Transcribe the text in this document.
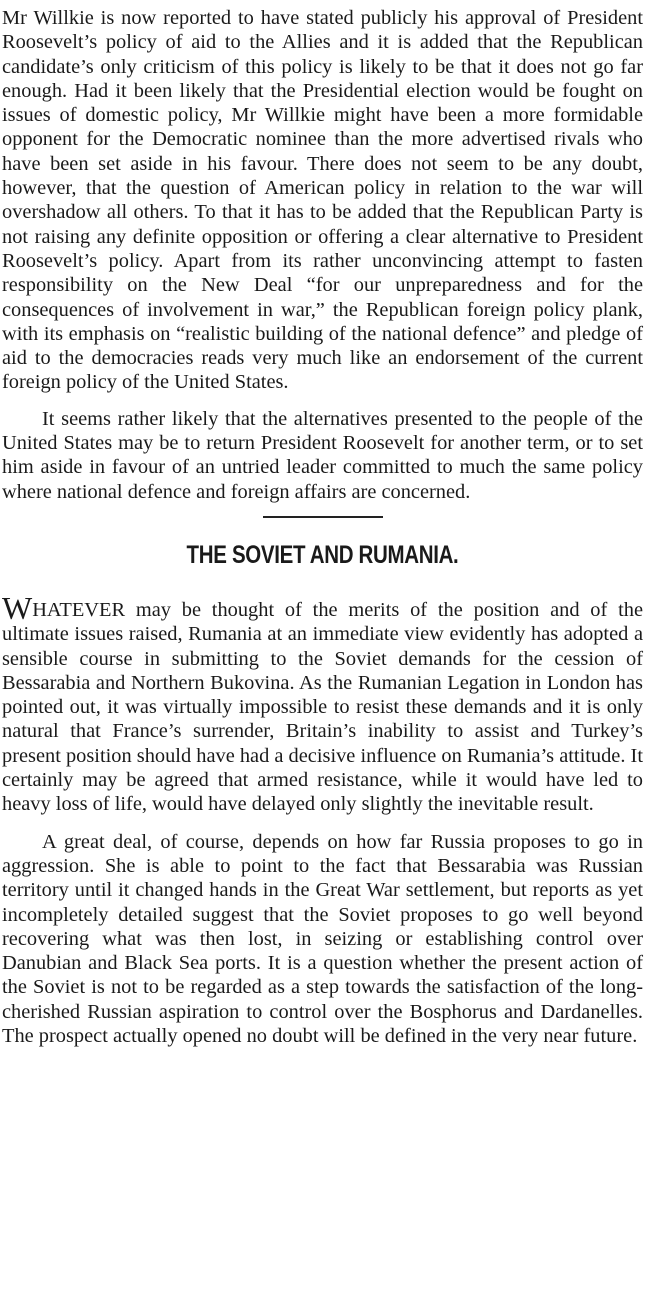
Mr Willkie is now reported to have stated publicly his approval of President Roosevelt’s policy of aid to the Allies and it is added that the Republican candidate’s only criticism of this policy is likely to be that it does not go far enough. Had it been likely that the Presidential election would be fought on issues of domestic policy, Mr Willkie might have been a more formidable opponent for the Democratic nominee than the more advertised rivals who have been set aside in his favour. There does not seem to be any doubt, however, that the question of American policy in relation to the war will overshadow all others. To that it has to be added that the Republican Party is not raising any definite opposition or offering a clear alternative to President Roosevelt’s policy. Apart from its rather unconvincing attempt to fasten responsibility on the New Deal “for our unpreparedness and for the consequences of involvement in war,” the Republican foreign policy plank, with its emphasis on “realistic building of the national defence” and pledge of aid to the democracies reads very much like an endorsement of the current foreign policy of the United States.

It seems rather likely that the alternatives presented to the people of the United States may be to return President Roosevelt for another term, or to set him aside in favour of an untried leader committed to much the same policy where national defence and foreign affairs are concerned.

THE SOVIET AND RUMANIA.

WHATEVER may be thought of the merits of the position and of the ultimate issues raised, Rumania at an immediate view evidently has adopted a sensible course in submitting to the Soviet demands for the cession of Bessarabia and Northern Bukovina. As the Rumanian Legation in London has pointed out, it was virtually impossible to resist these demands and it is only natural that France’s surrender, Britain’s inability to assist and Turkey’s present position should have had a decisive influence on Rumania’s attitude. It certainly may be agreed that armed resistance, while it would have led to heavy loss of life, would have delayed only slightly the inevitable result.

A great deal, of course, depends on how far Russia proposes to go in aggression. She is able to point to the fact that Bessarabia was Russian territory until it changed hands in the Great War settlement, but reports as yet incompletely detailed suggest that the Soviet proposes to go well beyond recovering what was then lost, in seizing or establishing control over Danubian and Black Sea ports. It is a question whether the present action of the Soviet is not to be regarded as a step towards the satisfaction of the long-cherished Russian aspiration to control over the Bosphorus and Dardanelles. The prospect actually opened no doubt will be defined in the very near future.
